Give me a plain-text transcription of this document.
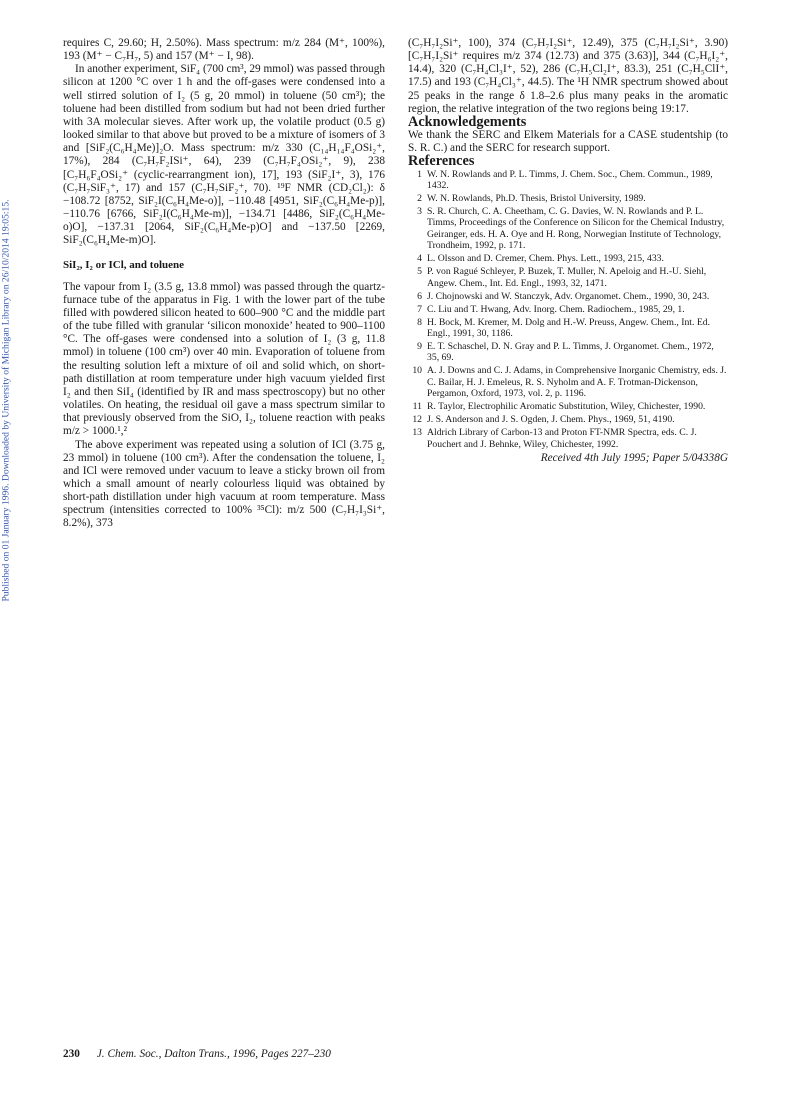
Published on 01 January 1996. Downloaded by University of Michigan Library on 26/10/2014 19:05:15.

requires C, 29.60; H, 2.50%). Mass spectrum: m/z 284 (M⁺, 100%), 193 (M⁺ − C₇H₇, 5) and 157 (M⁺ − I, 98).

In another experiment, SiF₄ (700 cm³, 29 mmol) was passed through silicon at 1200 °C over 1 h and the off-gases were condensed into a well stirred solution of I₂ (5 g, 20 mmol) in toluene (50 cm³); the toluene had been distilled from sodium but had not been dried further with 3A molecular sieves. After work up, the volatile product (0.5 g) looked similar to that above but proved to be a mixture of isomers of 3 and [SiF₂(C₆H₄Me)]₂O. Mass spectrum: m/z 330 (C₁₄H₁₄F₄OSi₂⁺, 17%), 284 (C₇H₇F₂ISi⁺, 64), 239 (C₇H₇F₄OSi₂⁺, 9), 238 [C₇H₆F₄OSi₂⁺ (cyclic-rearrangment ion), 17], 193 (SiF₂I⁺, 3), 176 (C₇H₇SiF₃⁺, 17) and 157 (C₇H₇SiF₂⁺, 70). ¹⁹F NMR (CD₂Cl₂): δ −108.72 [8752, SiF₂I(C₆H₄Me-o)], −110.48 [4951, SiF₂(C₆H₄Me-p)], −110.76 [6766, SiF₂I(C₆H₄Me-m)], −134.71 [4486, SiF₂(C₆H₄Me-o)O], −137.31 [2064, SiF₂(C₆H₄Me-p)O] and −137.50 [2269, SiF₂(C₆H₄Me-m)O].

SiI₂, I₂ or ICl, and toluene

The vapour from I₂ (3.5 g, 13.8 mmol) was passed through the quartz-furnace tube of the apparatus in Fig. 1 with the lower part of the tube filled with powdered silicon heated to 600–900 °C and the middle part of the tube filled with granular ‘silicon monoxide’ heated to 900–1100 °C. The off-gases were condensed into a solution of I₂ (3 g, 11.8 mmol) in toluene (100 cm³) over 40 min. Evaporation of toluene from the resulting solution left a mixture of oil and solid which, on short-path distillation at room temperature under high vacuum yielded first I₂ and then SiI₄ (identified by IR and mass spectroscopy) but no other volatiles. On heating, the residual oil gave a mass spectrum similar to that previously observed from the SiO, I₂, toluene reaction with peaks m/z > 1000.¹,²

The above experiment was repeated using a solution of ICl (3.75 g, 23 mmol) in toluene (100 cm³). After the condensation the toluene, I₂ and ICl were removed under vacuum to leave a sticky brown oil from which a small amount of nearly colourless liquid was obtained by short-path distillation under high vacuum at room temperature. Mass spectrum (intensities corrected to 100% ³⁵Cl): m/z 500 (C₇H₇I₃Si⁺, 8.2%), 373

(C₇H₇I₂Si⁺, 100), 374 (C₇H₇I₂Si⁺, 12.49), 375 (C₇H₇I₂Si⁺, 3.90) [C₇H₇I₂Si⁺ requires m/z 374 (12.73) and 375 (3.63)], 344 (C₇H₆I₂⁺, 14.4), 320 (C₇H₄Cl₃I⁺, 52), 286 (C₇H₅Cl₂I⁺, 83.3), 251 (C₇H₅ClI⁺, 17.5) and 193 (C₇H₄Cl₃⁺, 44.5). The ¹H NMR spectrum showed about 25 peaks in the range δ 1.8–2.6 plus many peaks in the aromatic region, the relative integration of the two regions being 19:17.

Acknowledgements

We thank the SERC and Elkem Materials for a CASE studentship (to S. R. C.) and the SERC for research support.

References
1 W. N. Rowlands and P. L. Timms, J. Chem. Soc., Chem. Commun., 1989, 1432.
2 W. N. Rowlands, Ph.D. Thesis, Bristol University, 1989.
3 S. R. Church, C. A. Cheetham, C. G. Davies, W. N. Rowlands and P. L. Timms, Proceedings of the Conference on Silicon for the Chemical Industry, Geiranger, eds. H. A. Oye and H. Rong, Norwegian Institute of Technology, Trondheim, 1992, p. 171.
4 L. Olsson and D. Cremer, Chem. Phys. Lett., 1993, 215, 433.
5 P. von Ragué Schleyer, P. Buzek, T. Muller, N. Apeloig and H.-U. Siehl, Angew. Chem., Int. Ed. Engl., 1993, 32, 1471.
6 J. Chojnowski and W. Stanczyk, Adv. Organomet. Chem., 1990, 30, 243.
7 C. Liu and T. Hwang, Adv. Inorg. Chem. Radiochem., 1985, 29, 1.
8 H. Bock, M. Kremer, M. Dolg and H.-W. Preuss, Angew. Chem., Int. Ed. Engl., 1991, 30, 1186.
9 E. T. Schaschel, D. N. Gray and P. L. Timms, J. Organomet. Chem., 1972, 35, 69.
10 A. J. Downs and C. J. Adams, in Comprehensive Inorganic Chemistry, eds. J. C. Bailar, H. J. Emeleus, R. S. Nyholm and A. F. Trotman-Dickenson, Pergamon, Oxford, 1973, vol. 2, p. 1196.
11 R. Taylor, Electrophilic Aromatic Substitution, Wiley, Chichester, 1990.
12 J. S. Anderson and J. S. Ogden, J. Chem. Phys., 1969, 51, 4190.
13 Aldrich Library of Carbon-13 and Proton FT-NMR Spectra, eds. C. J. Pouchert and J. Behnke, Wiley, Chichester, 1992.

Received 4th July 1995; Paper 5/04338G

230 J. Chem. Soc., Dalton Trans., 1996, Pages 227–230
